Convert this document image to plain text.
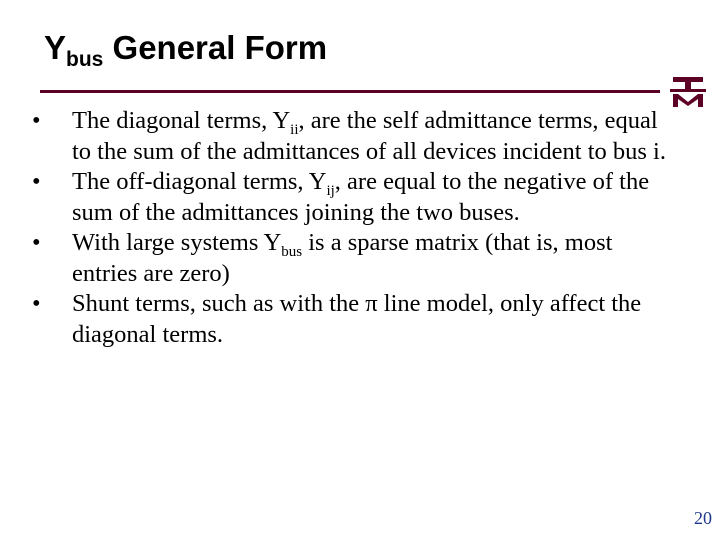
$Y_{bus}$ General Form
•	The diagonal terms, $Y_{ii}$, are the self admittance terms, equal to the sum of the admittances of all devices incident to bus i.
•	The off-diagonal terms, $Y_{ij}$, are equal to the negative of the sum of the admittances joining the two buses.
•	With large systems $Y_{bus}$ is a sparse matrix (that is, most entries are zero)
•	Shunt terms, such as with the π line model, only affect the diagonal terms.
20
